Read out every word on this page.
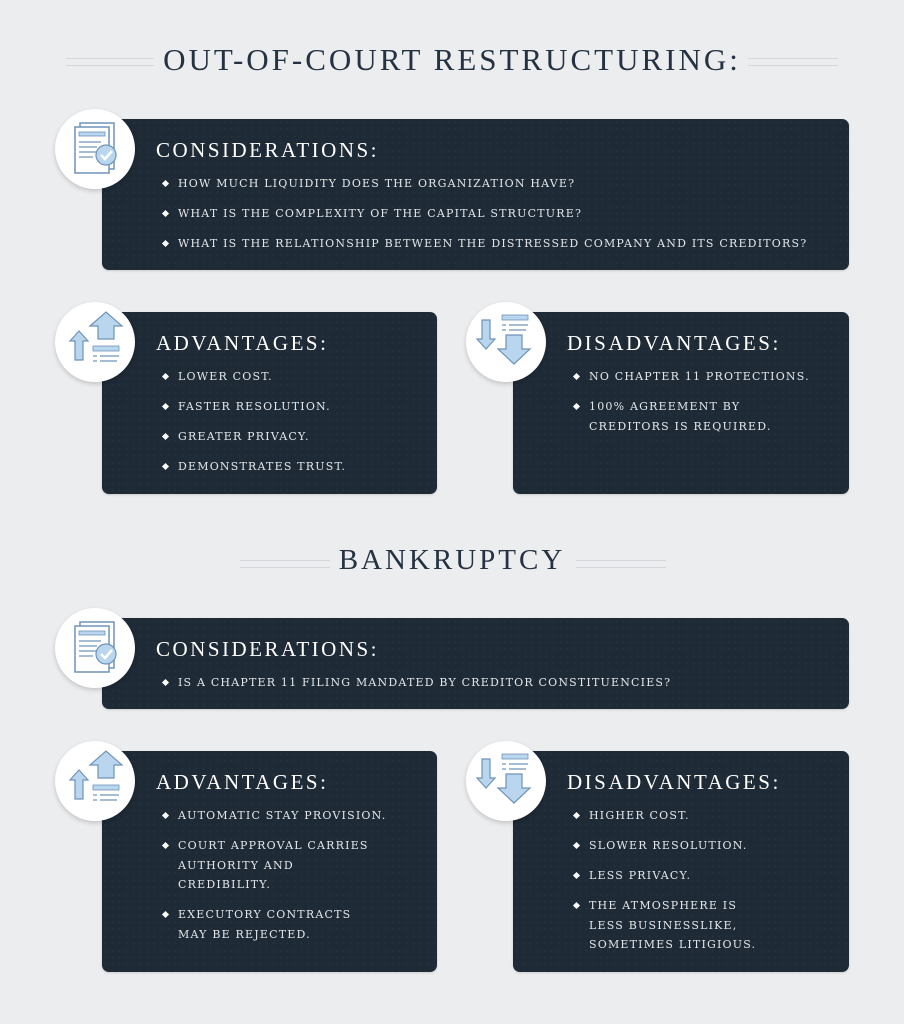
OUT-OF-COURT RESTRUCTURING:
CONSIDERATIONS:
HOW MUCH LIQUIDITY DOES THE ORGANIZATION HAVE?
WHAT IS THE COMPLEXITY OF THE CAPITAL STRUCTURE?
WHAT IS THE RELATIONSHIP BETWEEN THE DISTRESSED COMPANY AND ITS CREDITORS?
ADVANTAGES:
LOWER COST.
FASTER RESOLUTION.
GREATER PRIVACY.
DEMONSTRATES TRUST.
DISADVANTAGES:
NO CHAPTER 11 PROTECTIONS.
100% AGREEMENT BY CREDITORS IS REQUIRED.
BANKRUPTCY
CONSIDERATIONS:
IS A CHAPTER 11 FILING MANDATED BY CREDITOR CONSTITUENCIES?
ADVANTAGES:
AUTOMATIC STAY PROVISION.
COURT APPROVAL CARRIES AUTHORITY AND CREDIBILITY.
EXECUTORY CONTRACTS MAY BE REJECTED.
DISADVANTAGES:
HIGHER COST.
SLOWER RESOLUTION.
LESS PRIVACY.
THE ATMOSPHERE IS LESS BUSINESSLIKE, SOMETIMES LITIGIOUS.
